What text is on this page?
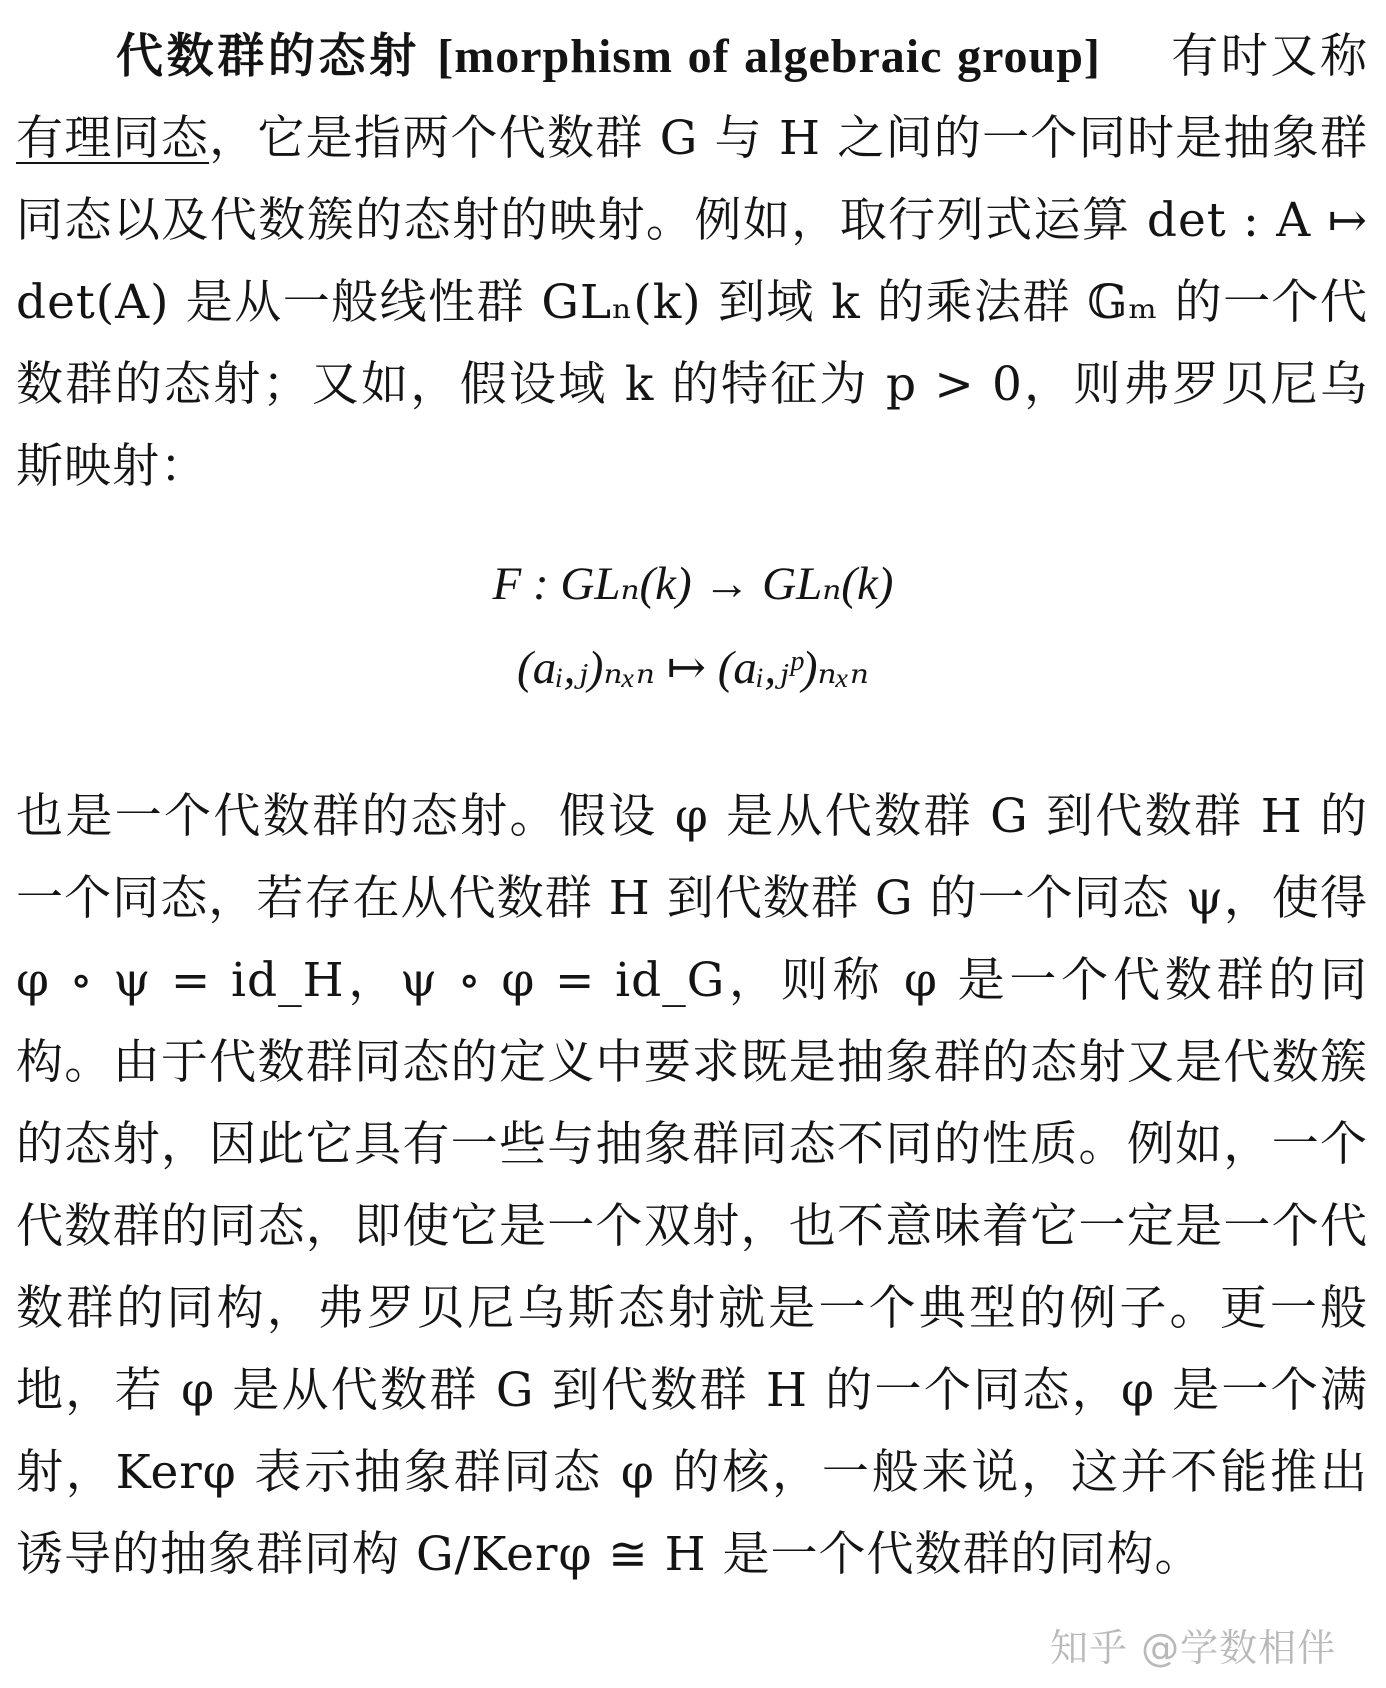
代数群的态射 [morphism of algebraic group] 有时又称有理同态，它是指两个代数群 G 与 H 之间的一个同时是抽象群同态以及代数簇的态射的映射。例如，取行列式运算 det : A ↦ det(A) 是从一般线性群 GLₙ(k) 到域 k 的乘法群 𝔾ₘ 的一个代数群的态射；又如，假设域 k 的特征为 p > 0，则弗罗贝尼乌斯映射：

F : GLₙ(k) → GLₙ(k)
(aᵢ,ⱼ)ₙₓₙ ↦ (aᵢ,ⱼᵖ)ₙₓₙ

也是一个代数群的态射。假设 φ 是从代数群 G 到代数群 H 的一个同态，若存在从代数群 H 到代数群 G 的一个同态 ψ，使得 φ ∘ ψ = id_H，ψ ∘ φ = id_G，则称 φ 是一个代数群的同构。由于代数群同态的定义中要求既是抽象群的态射又是代数簇的态射，因此它具有一些与抽象群同态不同的性质。例如，一个代数群的同态，即使它是一个双射，也不意味着它一定是一个代数群的同构，弗罗贝尼乌斯态射就是一个典型的例子。更一般地，若 φ 是从代数群 G 到代数群 H 的一个同态，φ 是一个满射，Kerφ 表示抽象群同态 φ 的核，一般来说，这并不能推出诱导的抽象群同构 G/Kerφ ≅ H 是一个代数群的同构。

知乎 @学数相伴
